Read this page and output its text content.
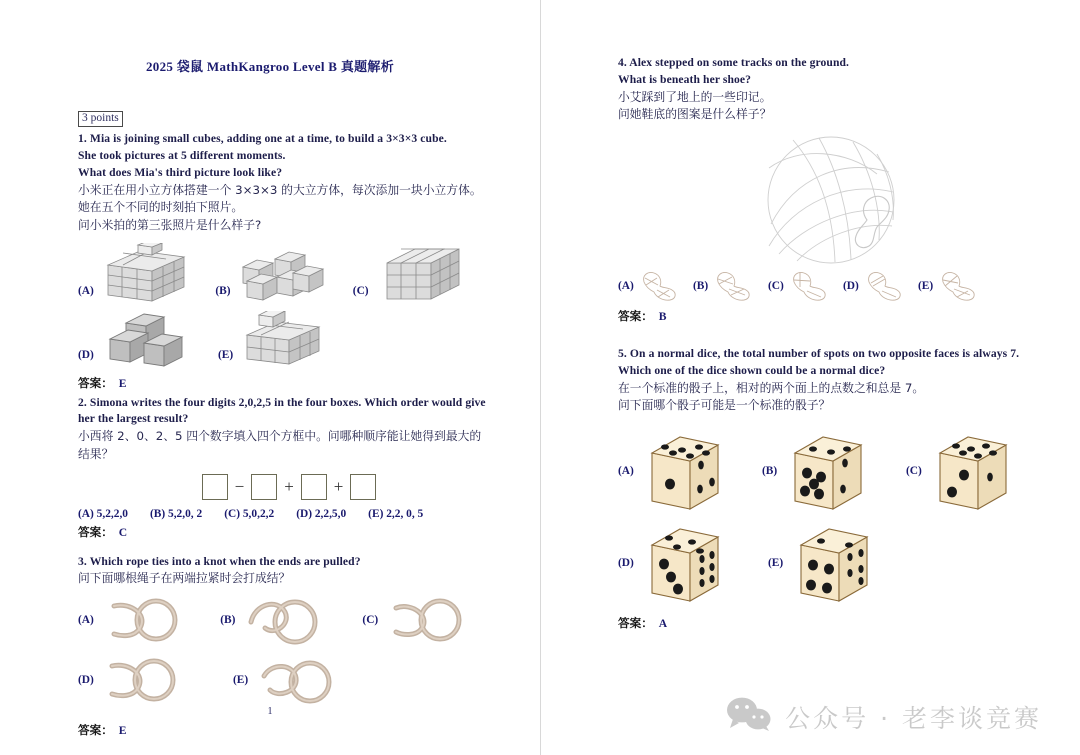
2025 袋鼠 MathKangroo Level B 真题解析
3 points
1. Mia is joining small cubes, adding one at a time, to build a 3×3×3 cube.
She took pictures at 5 different moments.
What does Mia's third picture look like?
小米正在用小立方体搭建一个 3×3×3 的大立方体，每次添加一块小立方体。
她在五个不同的时刻拍下照片。
问小米拍的第三张照片是什么样子?
(A)	(B)	(C)
(D)	(E)
答案： E
2. Simona writes the four digits 2,0,2,5 in the four boxes. Which order would give
her the largest result?
小西将 2、0、2、5 四个数字填入四个方框中。问哪种顺序能让她得到最大的
结果？
− + +
(A) 5,2,2,0 (B) 5,2,0, 2 (C) 5,0,2,2 (D) 2,2,5,0 (E) 2,2, 0, 5
答案： C
3. Which rope ties into a knot when the ends are pulled?
问下面哪根绳子在两端拉紧时会打成结？
(A)	(B)	(C)
(D)	(E)
答案： E
1
4. Alex stepped on some tracks on the ground.
What is beneath her shoe?
小艾踩到了地上的一些印记。
问她鞋底的图案是什么样子？
(A)	(B)	(C)	(D)	(E)
答案： B
5. On a normal dice, the total number of spots on two opposite faces is always 7.
Which one of the dice shown could be a normal dice?
在一个标准的骰子上，相对的两个面上的点数之和总是 7。
问下面哪个骰子可能是一个标准的骰子？
(A)	(B)	(C)
(D)	(E)
答案： A
公众号 · 老李谈竞赛
